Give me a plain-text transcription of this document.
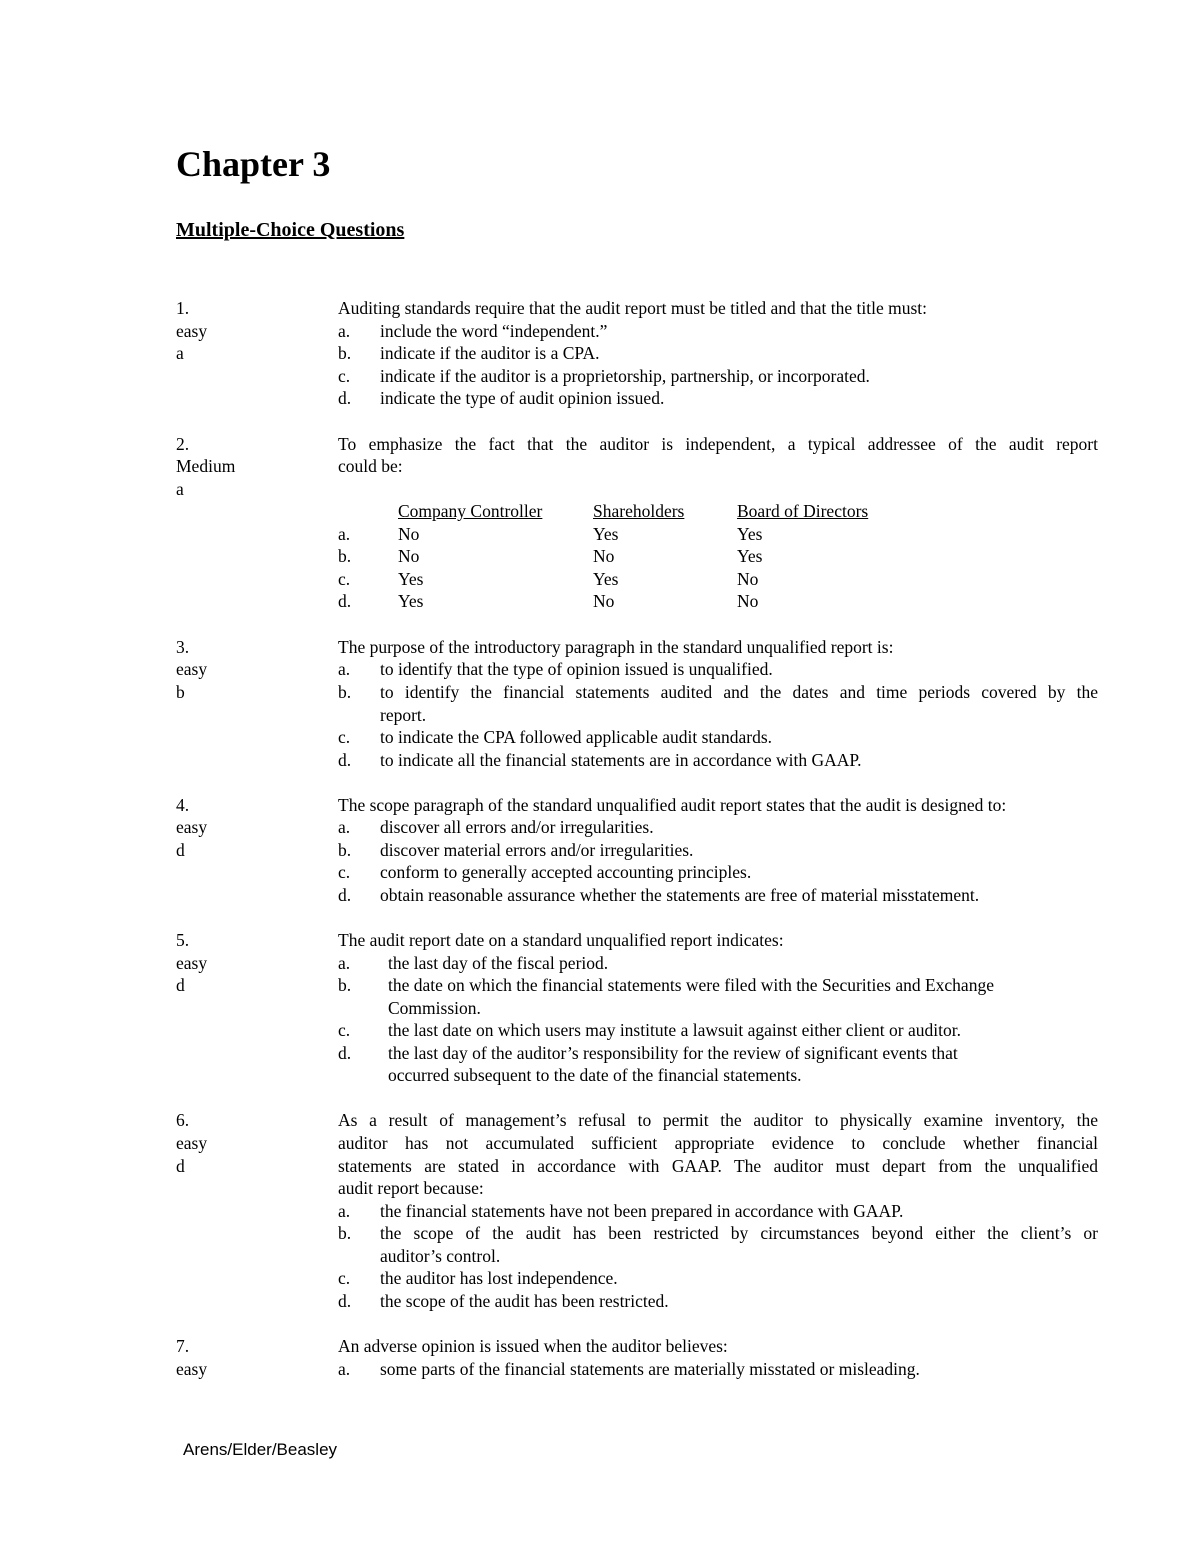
Chapter 3
Multiple-Choice Questions
1.
easy
a
Auditing standards require that the audit report must be titled and that the title must:
a. include the word “independent.”
b. indicate if the auditor is a CPA.
c. indicate if the auditor is a proprietorship, partnership, or incorporated.
d. indicate the type of audit opinion issued.
2.
Medium
a
To emphasize the fact that the auditor is independent, a typical addressee of the audit report
could be:
Company Controller	Shareholders	Board of Directors
a.	No	Yes	Yes
b.	No	No	Yes
c.	Yes	Yes	No
d.	Yes	No	No
3.
easy
b
The purpose of the introductory paragraph in the standard unqualified report is:
a. to identify that the type of opinion issued is unqualified.
b. to identify the financial statements audited and the dates and time periods covered by the
report.
c. to indicate the CPA followed applicable audit standards.
d. to indicate all the financial statements are in accordance with GAAP.
4.
easy
d
The scope paragraph of the standard unqualified audit report states that the audit is designed to:
a. discover all errors and/or irregularities.
b. discover material errors and/or irregularities.
c. conform to generally accepted accounting principles.
d. obtain reasonable assurance whether the statements are free of material misstatement.
5.
easy
d
The audit report date on a standard unqualified report indicates:
a. the last day of the fiscal period.
b. the date on which the financial statements were filed with the Securities and Exchange
Commission.
c. the last date on which users may institute a lawsuit against either client or auditor.
d. the last day of the auditor’s responsibility for the review of significant events that
occurred subsequent to the date of the financial statements.
6.
easy
d
As a result of management’s refusal to permit the auditor to physically examine inventory, the
auditor has not accumulated sufficient appropriate evidence to conclude whether financial
statements are stated in accordance with GAAP. The auditor must depart from the unqualified
audit report because:
a. the financial statements have not been prepared in accordance with GAAP.
b. the scope of the audit has been restricted by circumstances beyond either the client’s or
auditor’s control.
c. the auditor has lost independence.
d. the scope of the audit has been restricted.
7.
easy
An adverse opinion is issued when the auditor believes:
a. some parts of the financial statements are materially misstated or misleading.
Arens/Elder/Beasley
